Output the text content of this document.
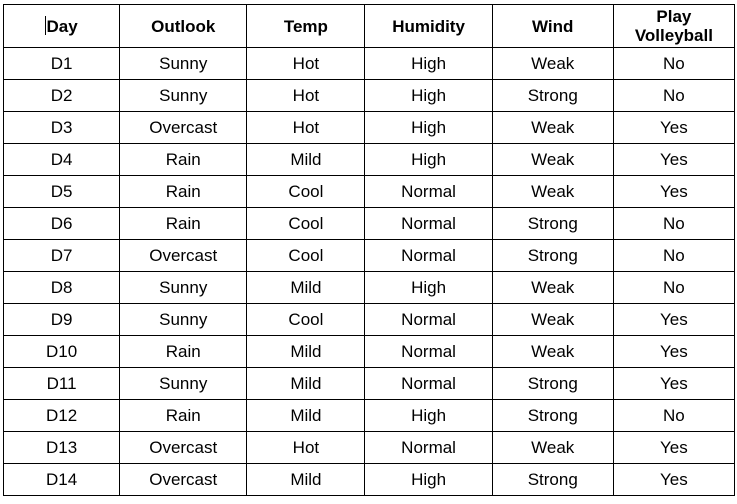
Day	Outlook	Temp	Humidity	Wind	Play
Volleyball
D1	Sunny	Hot	High	Weak	No
D2	Sunny	Hot	High	Strong	No
D3	Overcast	Hot	High	Weak	Yes
D4	Rain	Mild	High	Weak	Yes
D5	Rain	Cool	Normal	Weak	Yes
D6	Rain	Cool	Normal	Strong	No
D7	Overcast	Cool	Normal	Strong	No
D8	Sunny	Mild	High	Weak	No
D9	Sunny	Cool	Normal	Weak	Yes
D10	Rain	Mild	Normal	Weak	Yes
D11	Sunny	Mild	Normal	Strong	Yes
D12	Rain	Mild	High	Strong	No
D13	Overcast	Hot	Normal	Weak	Yes
D14	Overcast	Mild	High	Strong	Yes
